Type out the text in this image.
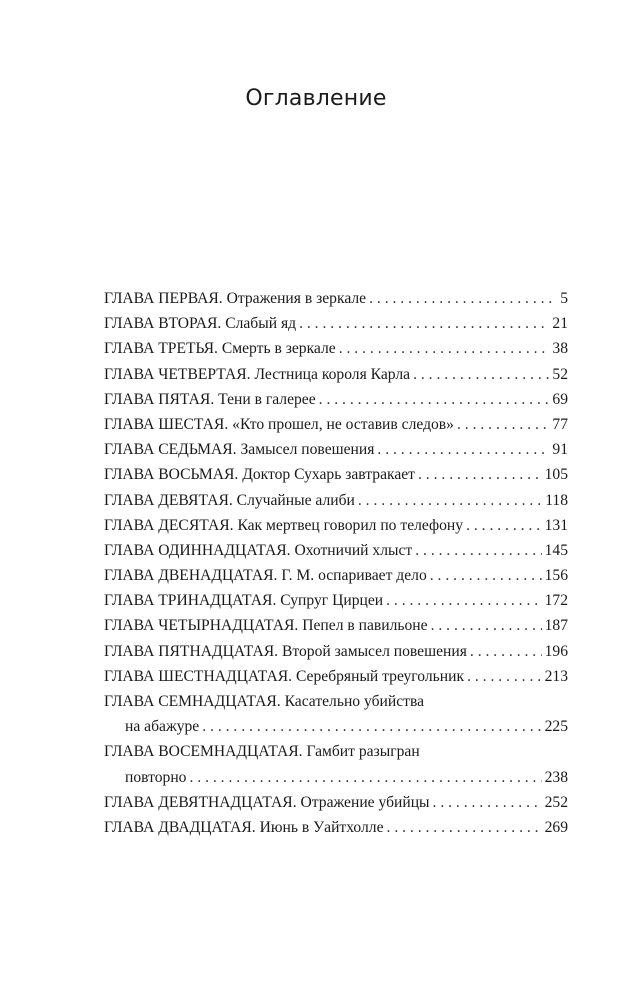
Оглавление
ГЛАВА ПЕРВАЯ. Отражения в зеркале . . .	5
ГЛАВА ВТОРАЯ. Слабый яд . . .	21
ГЛАВА ТРЕТЬЯ. Смерть в зеркале . . .	38
ГЛАВА ЧЕТВЕРТАЯ. Лестница короля Карла . . .	52
ГЛАВА ПЯТАЯ. Тени в галерее . . .	69
ГЛАВА ШЕСТАЯ. «Кто прошел, не оставив следов» . . .	77
ГЛАВА СЕДЬМАЯ. Замысел повешения . . .	91
ГЛАВА ВОСЬМАЯ. Доктор Сухарь завтракает . . .	105
ГЛАВА ДЕВЯТАЯ. Случайные алиби . . .	118
ГЛАВА ДЕСЯТАЯ. Как мертвец говорил по телефону . . .	131
ГЛАВА ОДИННАДЦАТАЯ. Охотничий хлыст . . .	145
ГЛАВА ДВЕНАДЦАТАЯ. Г. М. оспаривает дело . . .	156
ГЛАВА ТРИНАДЦАТАЯ. Супруг Цирцеи . . .	172
ГЛАВА ЧЕТЫРНАДЦАТАЯ. Пепел в павильоне . . .	187
ГЛАВА ПЯТНАДЦАТАЯ. Второй замысел повешения . . .	196
ГЛАВА ШЕСТНАДЦАТАЯ. Серебряный треугольник . . .	213
ГЛАВА СЕМНАДЦАТАЯ. Касательно убийства
на абажуре . . .	225
ГЛАВА ВОСЕМНАДЦАТАЯ. Гамбит разыгран
повторно . . .	238
ГЛАВА ДЕВЯТНАДЦАТАЯ. Отражение убийцы . . .	252
ГЛАВА ДВАДЦАТАЯ. Июнь в Уайтхолле . . .	269
